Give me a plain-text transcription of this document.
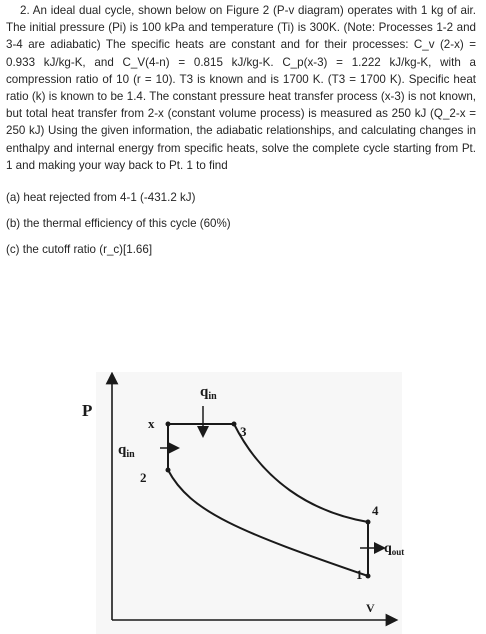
2. An ideal dual cycle, shown below on Figure 2 (P-v diagram) operates with 1 kg of air. The initial pressure (Pi) is 100 kPa and temperature (Ti) is 300K. (Note: Processes 1-2 and 3-4 are adiabatic) The specific heats are constant and for their processes: C_v (2-x) = 0.933 kJ/kg-K, and C_V(4-n) = 0.815 kJ/kg-K. C_p(x-3) = 1.222 kJ/kg-K, with a compression ratio of 10 (r = 10). T3 is known and is 1700 K. (T3 = 1700 K). Specific heat ratio (k) is known to be 1.4. The constant pressure heat transfer process (x-3) is not known, but total heat transfer from 2-x (constant volume process) is measured as 250 kJ (Q_2-x = 250 kJ) Using the given information, the adiabatic relationships, and calculating changes in enthalpy and internal energy from specific heats, solve the complete cycle starting from Pt. 1 and making your way back to Pt. 1 to find
(a) heat rejected from 4-1 (-431.2 kJ)
(b) the thermal efficiency of this cycle (60%)
(c) the cutoff ratio (r_c)[1.66]
P
V
x
3
2
4
1
$q_{in}$
$q_{in}$
$q_{out}$
